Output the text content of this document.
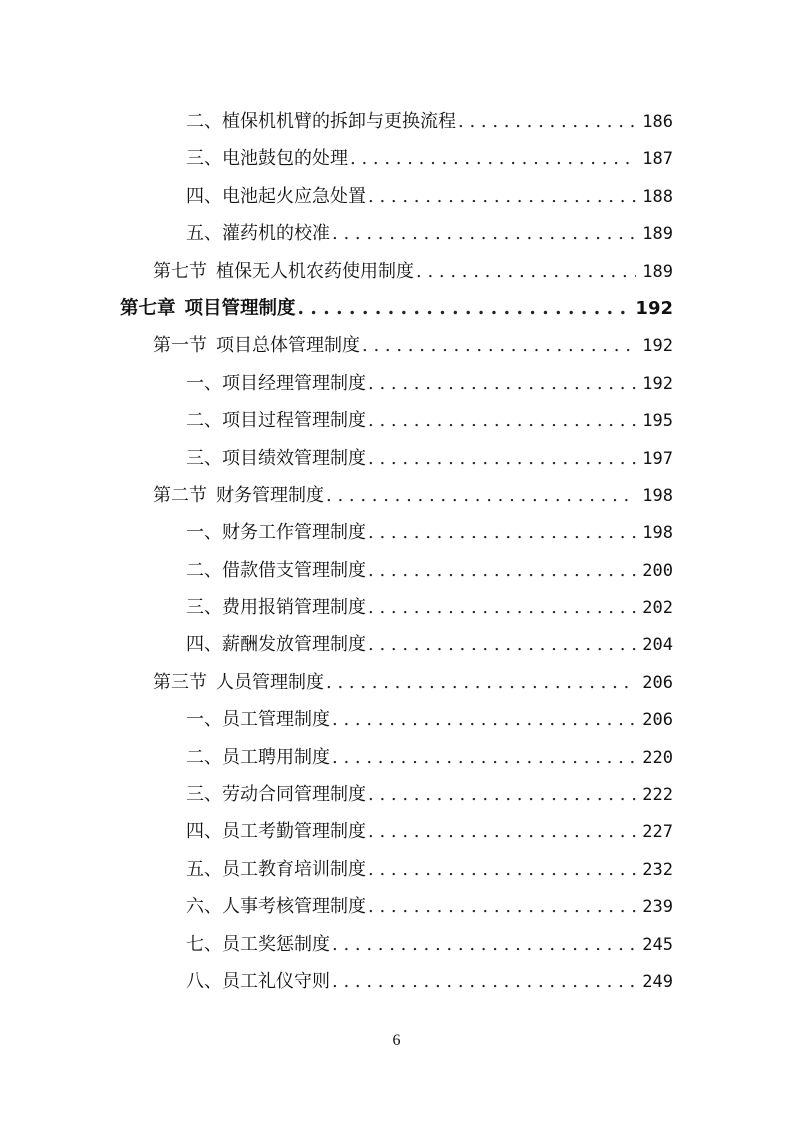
二、植保机机臂的拆卸与更换流程 . . .	186
三、电池鼓包的处理 . . .	187
四、电池起火应急处置 . . .	188
五、灌药机的校准 . . .	189
第七节 植保无人机农药使用制度 . . .	189
第七章 项目管理制度 . . .	192
第一节 项目总体管理制度 . . .	192
一、项目经理管理制度 . . .	192
二、项目过程管理制度 . . .	195
三、项目绩效管理制度 . . .	197
第二节 财务管理制度 . . .	198
一、财务工作管理制度 . . .	198
二、借款借支管理制度 . . .	200
三、费用报销管理制度 . . .	202
四、薪酬发放管理制度 . . .	204
第三节 人员管理制度 . . .	206
一、员工管理制度 . . .	206
二、员工聘用制度 . . .	220
三、劳动合同管理制度 . . .	222
四、员工考勤管理制度 . . .	227
五、员工教育培训制度 . . .	232
六、人事考核管理制度 . . .	239
七、员工奖惩制度 . . .	245
八、员工礼仪守则 . . .	249
6
